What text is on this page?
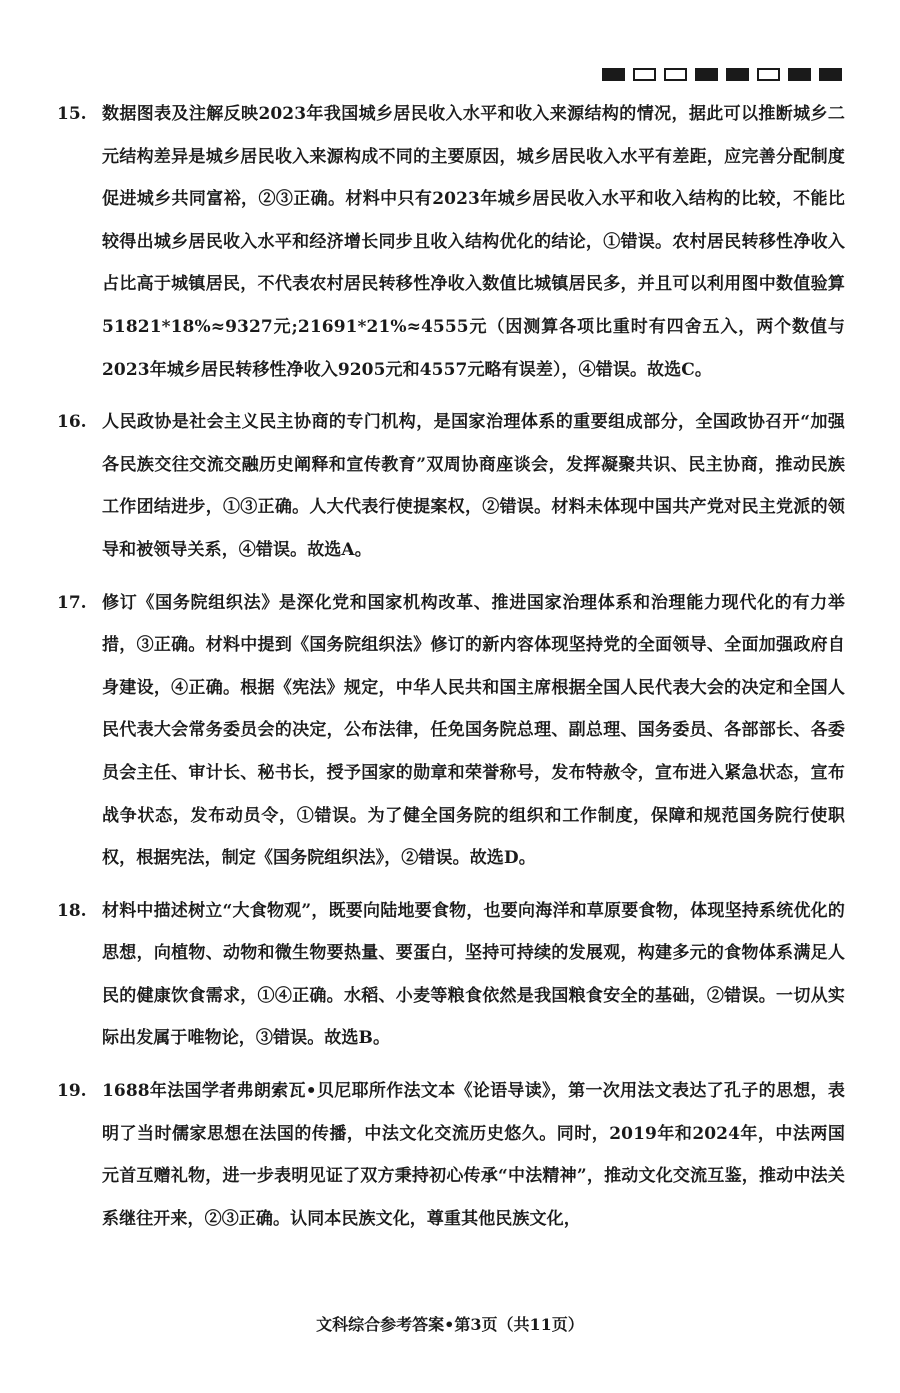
15. 数据图表及注解反映2023年我国城乡居民收入水平和收入来源结构的情况，据此可以推断城乡二元结构差异是城乡居民收入来源构成不同的主要原因，城乡居民收入水平有差距，应完善分配制度促进城乡共同富裕，②③正确。材料中只有2023年城乡居民收入水平和收入结构的比较，不能比较得出城乡居民收入水平和经济增长同步且收入结构优化的结论，①错误。农村居民转移性净收入占比高于城镇居民，不代表农村居民转移性净收入数值比城镇居民多，并且可以利用图中数值验算51821*18%≈9327元;21691*21%≈4555元（因测算各项比重时有四舍五入，两个数值与2023年城乡居民转移性净收入9205元和4557元略有误差），④错误。故选C。
16. 人民政协是社会主义民主协商的专门机构，是国家治理体系的重要组成部分，全国政协召开“加强各民族交往交流交融历史阐释和宣传教育”双周协商座谈会，发挥凝聚共识、民主协商，推动民族工作团结进步，①③正确。人大代表行使提案权，②错误。材料未体现中国共产党对民主党派的领导和被领导关系，④错误。故选A。
17. 修订《国务院组织法》是深化党和国家机构改革、推进国家治理体系和治理能力现代化的有力举措，③正确。材料中提到《国务院组织法》修订的新内容体现坚持党的全面领导、全面加强政府自身建设，④正确。根据《宪法》规定，中华人民共和国主席根据全国人民代表大会的决定和全国人民代表大会常务委员会的决定，公布法律，任免国务院总理、副总理、国务委员、各部部长、各委员会主任、审计长、秘书长，授予国家的勋章和荣誉称号，发布特赦令，宣布进入紧急状态，宣布战争状态，发布动员令，①错误。为了健全国务院的组织和工作制度，保障和规范国务院行使职权，根据宪法，制定《国务院组织法》，②错误。故选D。
18. 材料中描述树立“大食物观”，既要向陆地要食物，也要向海洋和草原要食物，体现坚持系统优化的思想，向植物、动物和微生物要热量、要蛋白，坚持可持续的发展观，构建多元的食物体系满足人民的健康饮食需求，①④正确。水稻、小麦等粮食依然是我国粮食安全的基础，②错误。一切从实际出发属于唯物论，③错误。故选B。
19. 1688年法国学者弗朗索瓦•贝尼耶所作法文本《论语导读》，第一次用法文表达了孔子的思想，表明了当时儒家思想在法国的传播，中法文化交流历史悠久。同时，2019年和2024年，中法两国元首互赠礼物，进一步表明见证了双方秉持初心传承“中法精神”，推动文化交流互鉴，推动中法关系继往开来，②③正确。认同本民族文化，尊重其他民族文化，
文科综合参考答案•第3页（共11页）
